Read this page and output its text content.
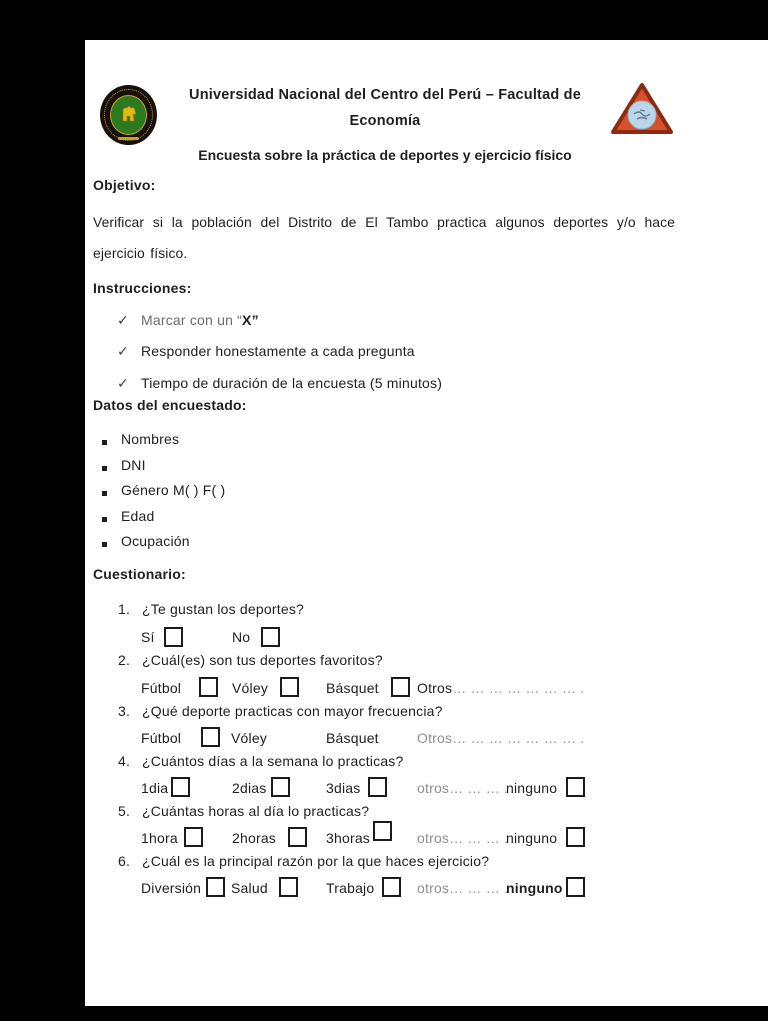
Universidad Nacional del Centro del Perú – Facultad de
Economía
Encuesta sobre la práctica de deportes y ejercicio físico
Objetivo:
Verificar si la población del Distrito de El Tambo practica algunos deportes y/o hace ejercicio físico.
Instrucciones:
✓ Marcar con un “X”
✓ Responder honestamente a cada pregunta
✓ Tiempo de duración de la encuesta (5 minutos)
Datos del encuestado:
Nombres
DNI
Género M( ) F( )
Edad
Ocupación
Cuestionario:
1. ¿Te gustan los deportes?
Sí	No
2. ¿Cuál(es) son tus deportes favoritos?
Fútbol	Vóley	Básquet	Otros… … … … … … … .
3. ¿Qué deporte practicas con mayor frecuencia?
Fútbol	Vóley	Básquet	Otros… … … … … … … .
4. ¿Cuántos días a la semana lo practicas?
1dia	2dias	3dias	otros… … … .
ninguno
5. ¿Cuántas horas al día lo practicas?
1hora	2horas	3horas	otros… … … .
ninguno
6. ¿Cuál es la principal razón por la que haces ejercicio?
Diversión Salud	Trabajo	otros… … … .
ninguno
